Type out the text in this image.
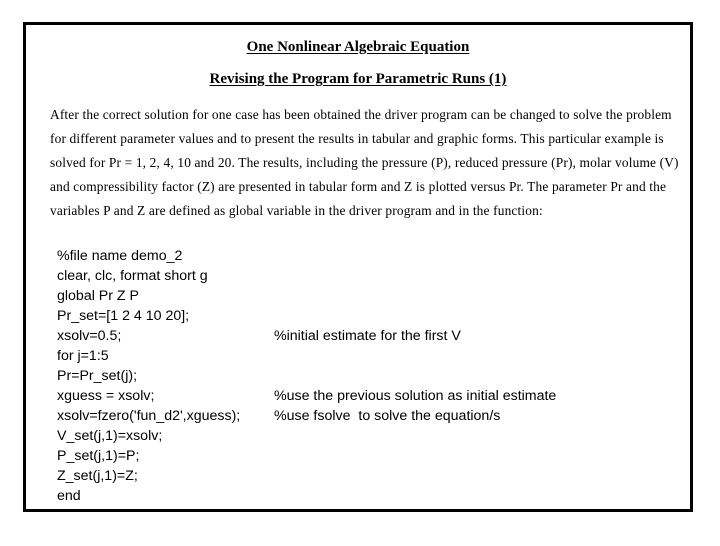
One Nonlinear Algebraic Equation
Revising the Program for Parametric Runs (1)
After the correct solution for one case has been obtained the driver program can be changed to solve the problem for different parameter values and to present the results in tabular and graphic forms. This particular example is solved for Pr = 1, 2, 4, 10 and 20. The results, including the pressure (P), reduced pressure (Pr), molar volume (V) and compressibility factor (Z) are presented in tabular form and Z is plotted versus Pr. The parameter Pr and the variables P and Z are defined as global variable in the driver program and in the function:

%file name demo_2

clear, clc, format short g

global Pr Z P

Pr_set=[1 2 4 10 20];

xsolv=0.5;

	%initial estimate for the first V

for j=1:5

Pr=Pr_set(j);

xguess = xsolv;

	%use the previous solution as initial estimate

xsolv=fzero('fun_d2',xguess);

%use fsolve  to solve the equation/s

V_set(j,1)=xsolv;

P_set(j,1)=P;

Z_set(j,1)=Z;

end
